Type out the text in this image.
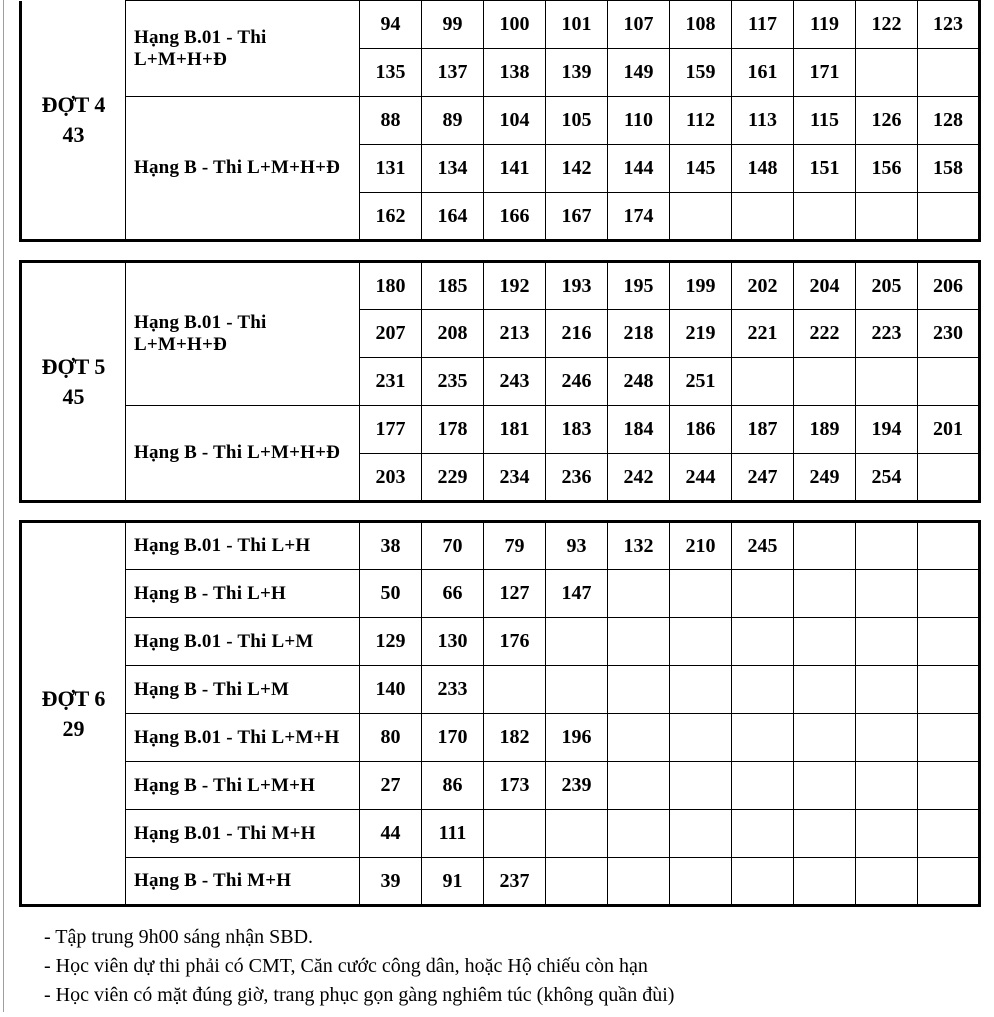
ĐỢT 4
43	Hạng B.01 - Thi L+M+H+Đ	94	99	100	101	107	108	117	119	122	123
		135	137	138	139	149	159	161	171		
	Hạng B - Thi L+M+H+Đ	88	89	104	105	110	112	113	115	126	128
		131	134	141	142	144	145	148	151	156	158
		162	164	166	167	174					
ĐỢT 5
45	Hạng B.01 - Thi L+M+H+Đ	180	185	192	193	195	199	202	204	205	206
		207	208	213	216	218	219	221	222	223	230
		231	235	243	246	248	251				
	Hạng B - Thi L+M+H+Đ	177	178	181	183	184	186	187	189	194	201
		203	229	234	236	242	244	247	249	254	
ĐỢT 6
29	Hạng B.01 - Thi L+H	38	70	79	93	132	210	245			
	Hạng B - Thi L+H	50	66	127	147						
	Hạng B.01 - Thi L+M	129	130	176							
	Hạng B - Thi L+M	140	233								
	Hạng B.01 - Thi L+M+H	80	170	182	196						
	Hạng B - Thi L+M+H	27	86	173	239						
	Hạng B.01 - Thi M+H	44	111								
	Hạng B - Thi M+H	39	91	237							
- Tập trung 9h00 sáng nhận SBD.
- Học viên dự thi phải có CMT, Căn cước công dân, hoặc Hộ chiếu còn hạn
- Học viên có mặt đúng giờ, trang phục gọn gàng nghiêm túc (không quần đùi)
